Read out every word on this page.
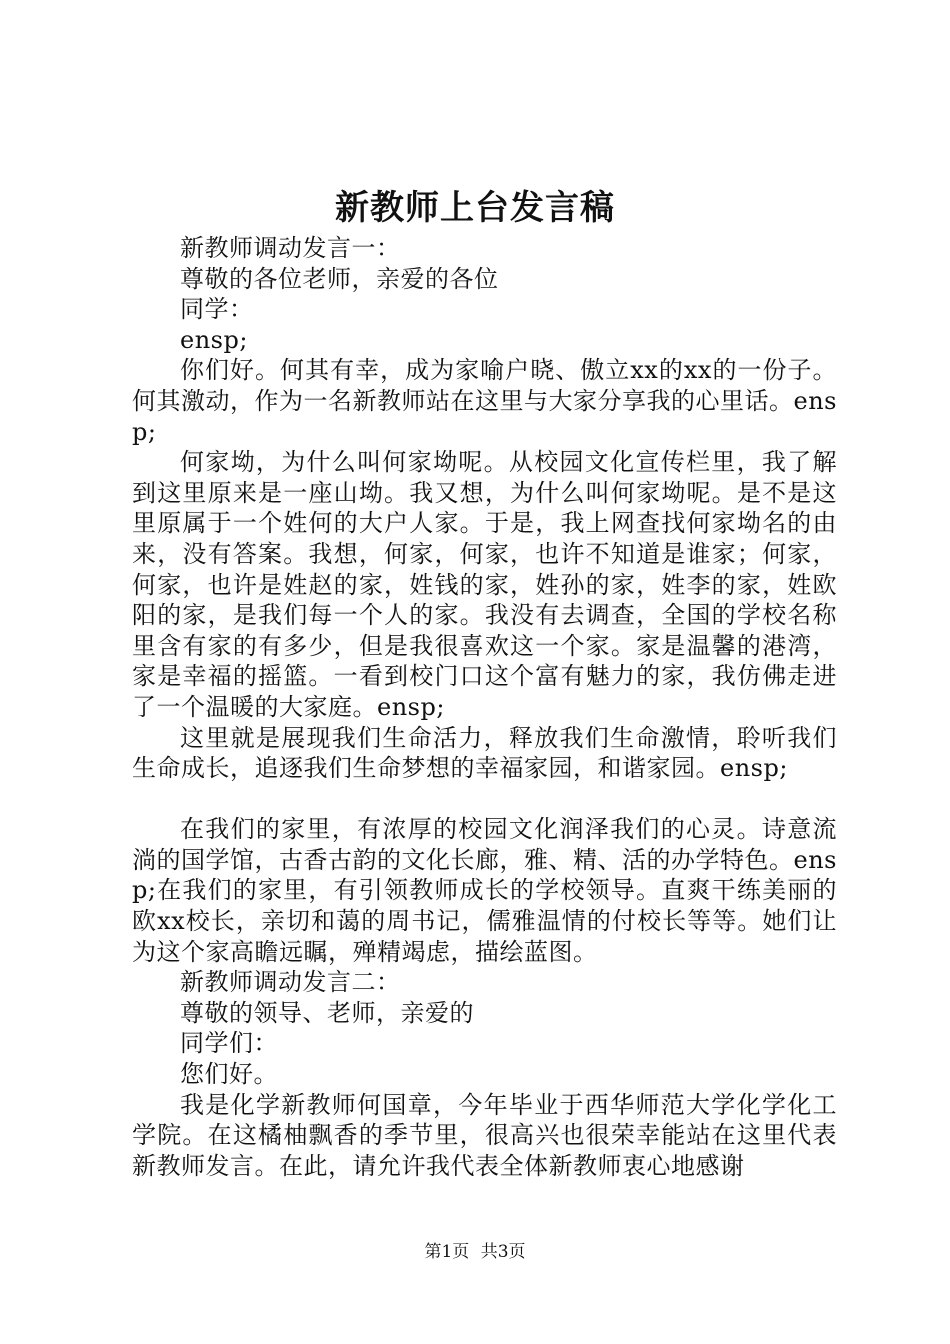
新教师上台发言稿

新教师调动发言一：

尊敬的各位老师，亲爱的各位

同学：

ensp;

你们好。何其有幸，成为家喻户晓、傲立xx的xx的一份子。何其激动，作为一名新教师站在这里与大家分享我的心里话。ensp;

何家坳，为什么叫何家坳呢。从校园文化宣传栏里，我了解到这里原来是一座山坳。我又想，为什么叫何家坳呢。是不是这里原属于一个姓何的大户人家。于是，我上网查找何家坳名的由来，没有答案。我想，何家，何家，也许不知道是谁家；何家，何家，也许是姓赵的家，姓钱的家，姓孙的家，姓李的家，姓欧阳的家，是我们每一个人的家。我没有去调查，全国的学校名称里含有家的有多少，但是我很喜欢这一个家。家是温馨的港湾，家是幸福的摇篮。一看到校门口这个富有魅力的家，我仿佛走进了一个温暖的大家庭。ensp;

这里就是展现我们生命活力，释放我们生命激情，聆听我们生命成长，追逐我们生命梦想的幸福家园，和谐家园。ensp;

在我们的家里，有浓厚的校园文化润泽我们的心灵。诗意流淌的国学馆，古香古韵的文化长廊，雅、精、活的办学特色。ensp;在我们的家里，有引领教师成长的学校领导。直爽干练美丽的欧xx校长，亲切和蔼的周书记，儒雅温情的付校长等等。她们让为这个家高瞻远瞩，殚精竭虑，描绘蓝图。

新教师调动发言二：

尊敬的领导、老师，亲爱的

同学们：

您们好。

我是化学新教师何国章，今年毕业于西华师范大学化学化工学院。在这橘柚飘香的季节里，很高兴也很荣幸能站在这里代表新教师发言。在此，请允许我代表全体新教师衷心地感谢

第1页 共3页
